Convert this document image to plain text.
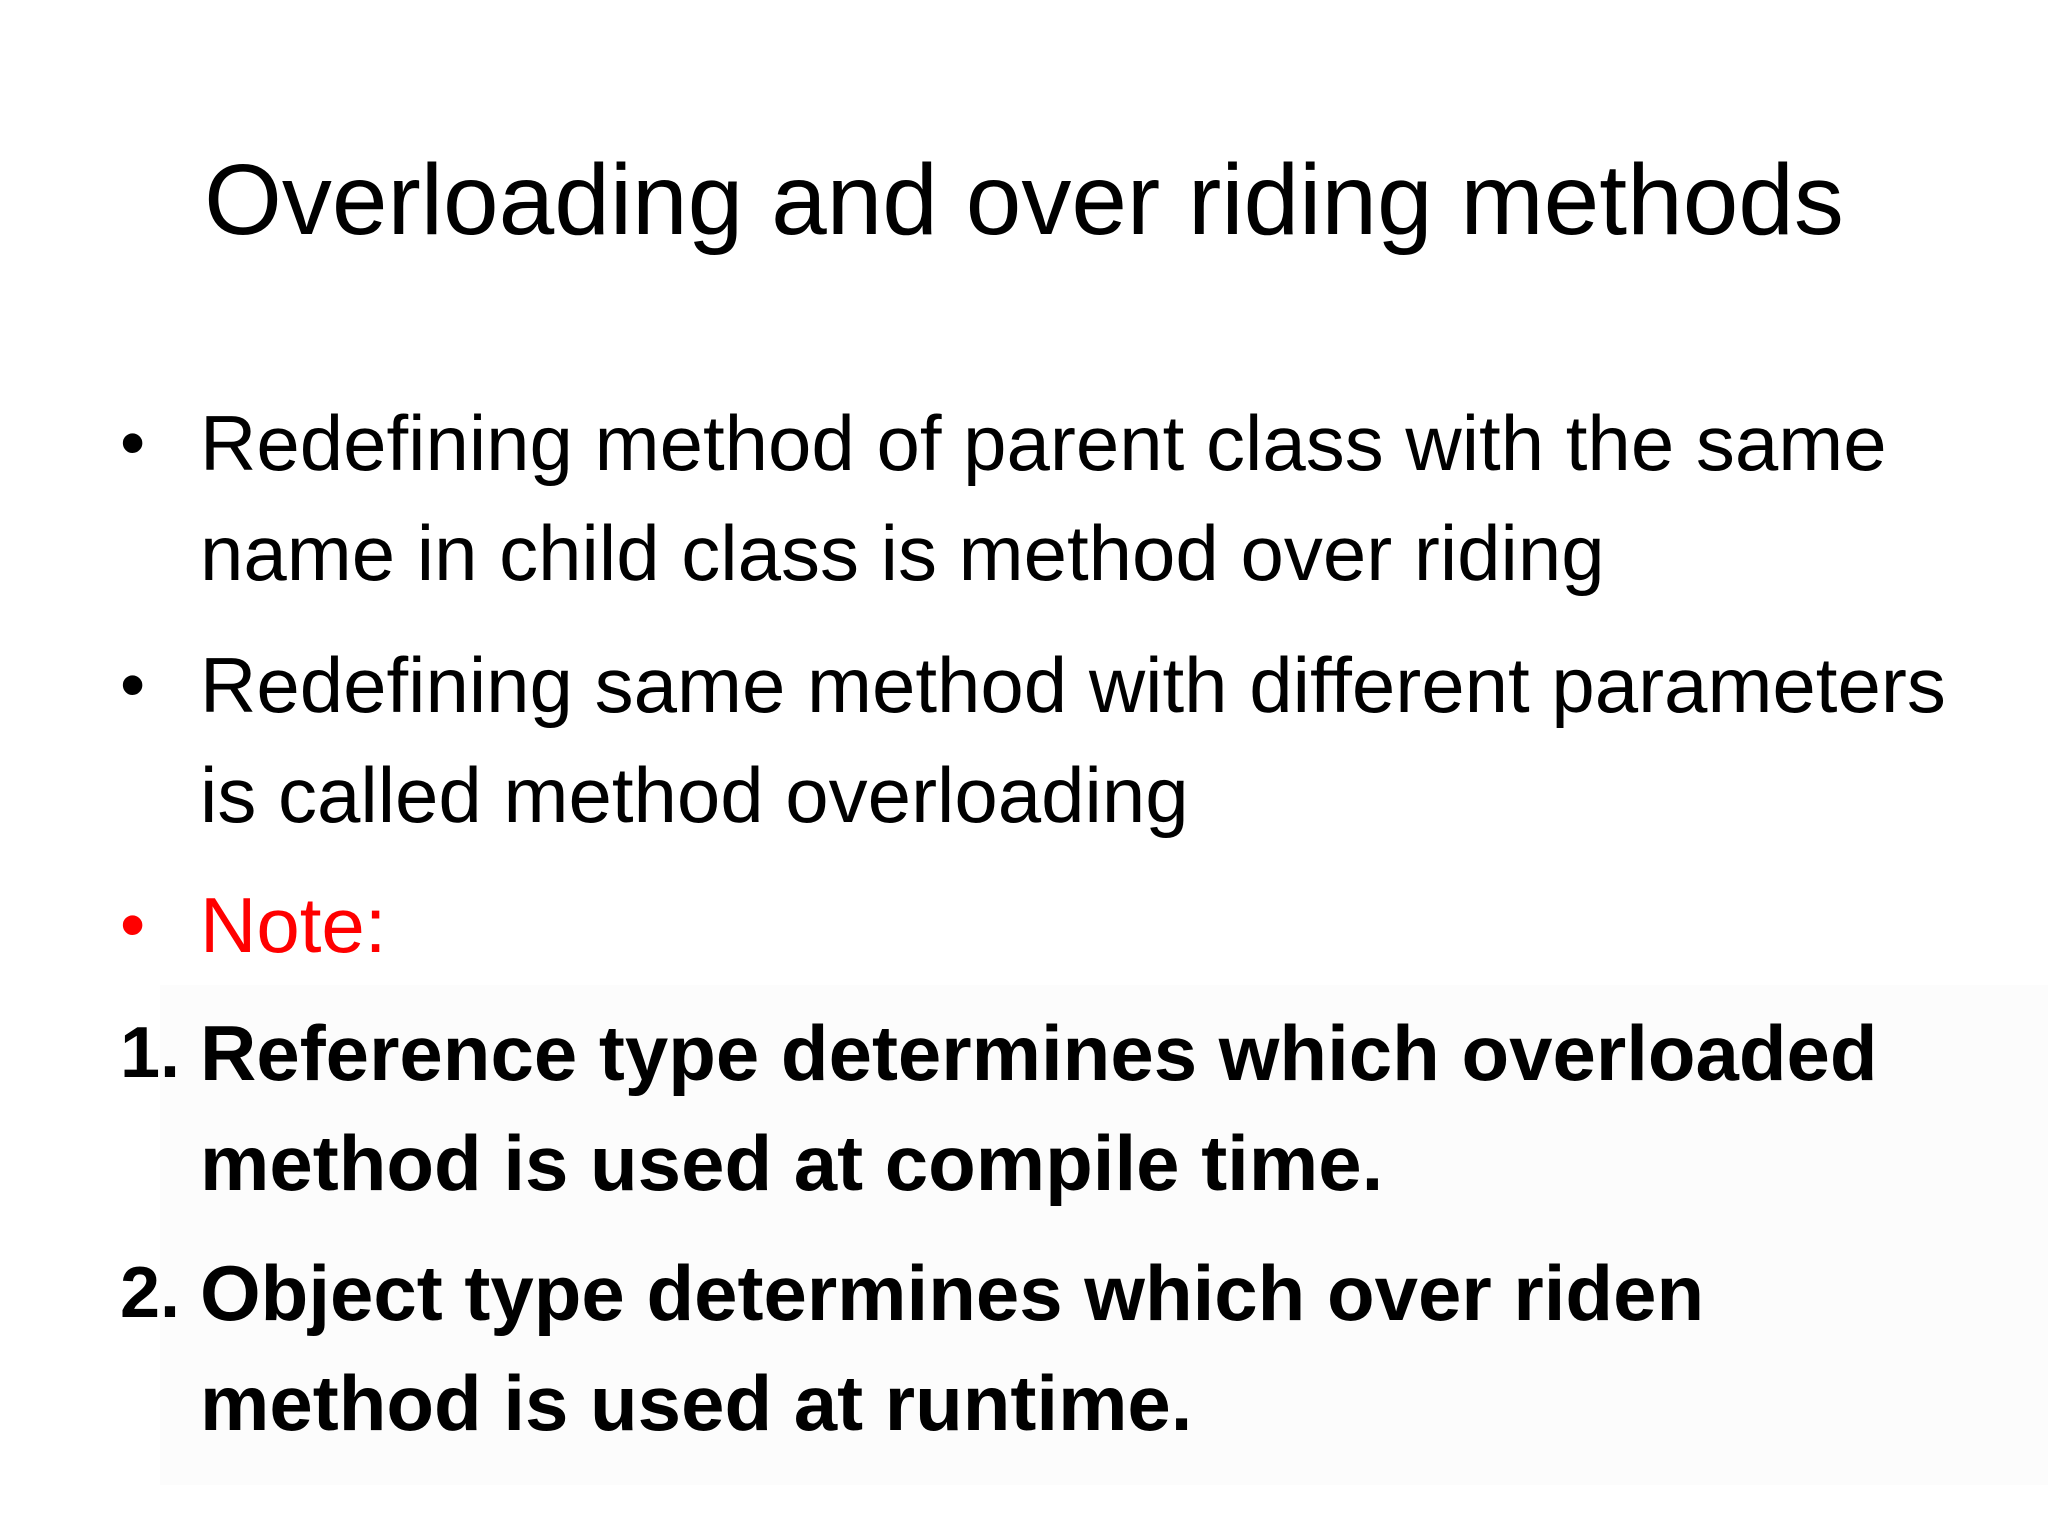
Overloading and over riding methods
• Redefining method of parent class with the same name in child class is method over riding
• Redefining same method with different parameters is called method overloading
• Note:
1. Reference type determines which overloaded method is used at compile time.
2. Object type determines which over riden method is used at runtime.
